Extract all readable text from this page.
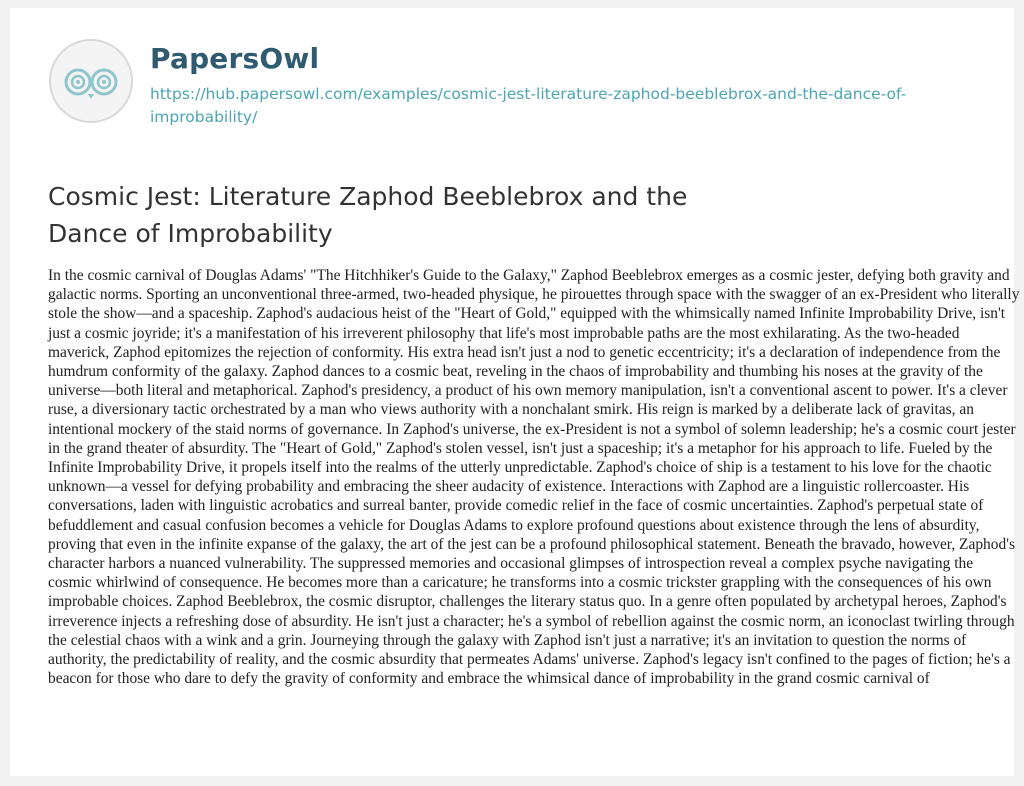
PapersOwl
https://hub.papersowl.com/examples/cosmic-jest-literature-zaphod-beeblebrox-and-the-dance-of-improbability/
Cosmic Jest: Literature Zaphod Beeblebrox and the Dance of Improbability

In the cosmic carnival of Douglas Adams' "The Hitchhiker's Guide to the Galaxy," Zaphod Beeblebrox emerges as a cosmic jester, defying both gravity and galactic norms. Sporting an unconventional three-armed, two-headed physique, he pirouettes through space with the swagger of an ex-President who literally stole the show—and a spaceship. Zaphod's audacious heist of the "Heart of Gold," equipped with the whimsically named Infinite Improbability Drive, isn't just a cosmic joyride; it's a manifestation of his irreverent philosophy that life's most improbable paths are the most exhilarating. As the two-headed maverick, Zaphod epitomizes the rejection of conformity. His extra head isn't just a nod to genetic eccentricity; it's a declaration of independence from the humdrum conformity of the galaxy. Zaphod dances to a cosmic beat, reveling in the chaos of improbability and thumbing his noses at the gravity of the universe—both literal and metaphorical. Zaphod's presidency, a product of his own memory manipulation, isn't a conventional ascent to power. It's a clever ruse, a diversionary tactic orchestrated by a man who views authority with a nonchalant smirk. His reign is marked by a deliberate lack of gravitas, an intentional mockery of the staid norms of governance. In Zaphod's universe, the ex-President is not a symbol of solemn leadership; he's a cosmic court jester in the grand theater of absurdity. The "Heart of Gold," Zaphod's stolen vessel, isn't just a spaceship; it's a metaphor for his approach to life. Fueled by the Infinite Improbability Drive, it propels itself into the realms of the utterly unpredictable. Zaphod's choice of ship is a testament to his love for the chaotic unknown—a vessel for defying probability and embracing the sheer audacity of existence. Interactions with Zaphod are a linguistic rollercoaster. His conversations, laden with linguistic acrobatics and surreal banter, provide comedic relief in the face of cosmic uncertainties. Zaphod's perpetual state of befuddlement and casual confusion becomes a vehicle for Douglas Adams to explore profound questions about existence through the lens of absurdity, proving that even in the infinite expanse of the galaxy, the art of the jest can be a profound philosophical statement. Beneath the bravado, however, Zaphod's character harbors a nuanced vulnerability. The suppressed memories and occasional glimpses of introspection reveal a complex psyche navigating the cosmic whirlwind of consequence. He becomes more than a caricature; he transforms into a cosmic trickster grappling with the consequences of his own improbable choices. Zaphod Beeblebrox, the cosmic disruptor, challenges the literary status quo. In a genre often populated by archetypal heroes, Zaphod's irreverence injects a refreshing dose of absurdity. He isn't just a character; he's a symbol of rebellion against the cosmic norm, an iconoclast twirling through the celestial chaos with a wink and a grin. Journeying through the galaxy with Zaphod isn't just a narrative; it's an invitation to question the norms of authority, the predictability of reality, and the cosmic absurdity that permeates Adams' universe. Zaphod's legacy isn't confined to the pages of fiction; he's a beacon for those who dare to defy the gravity of conformity and embrace the whimsical dance of improbability in the grand cosmic carnival of
